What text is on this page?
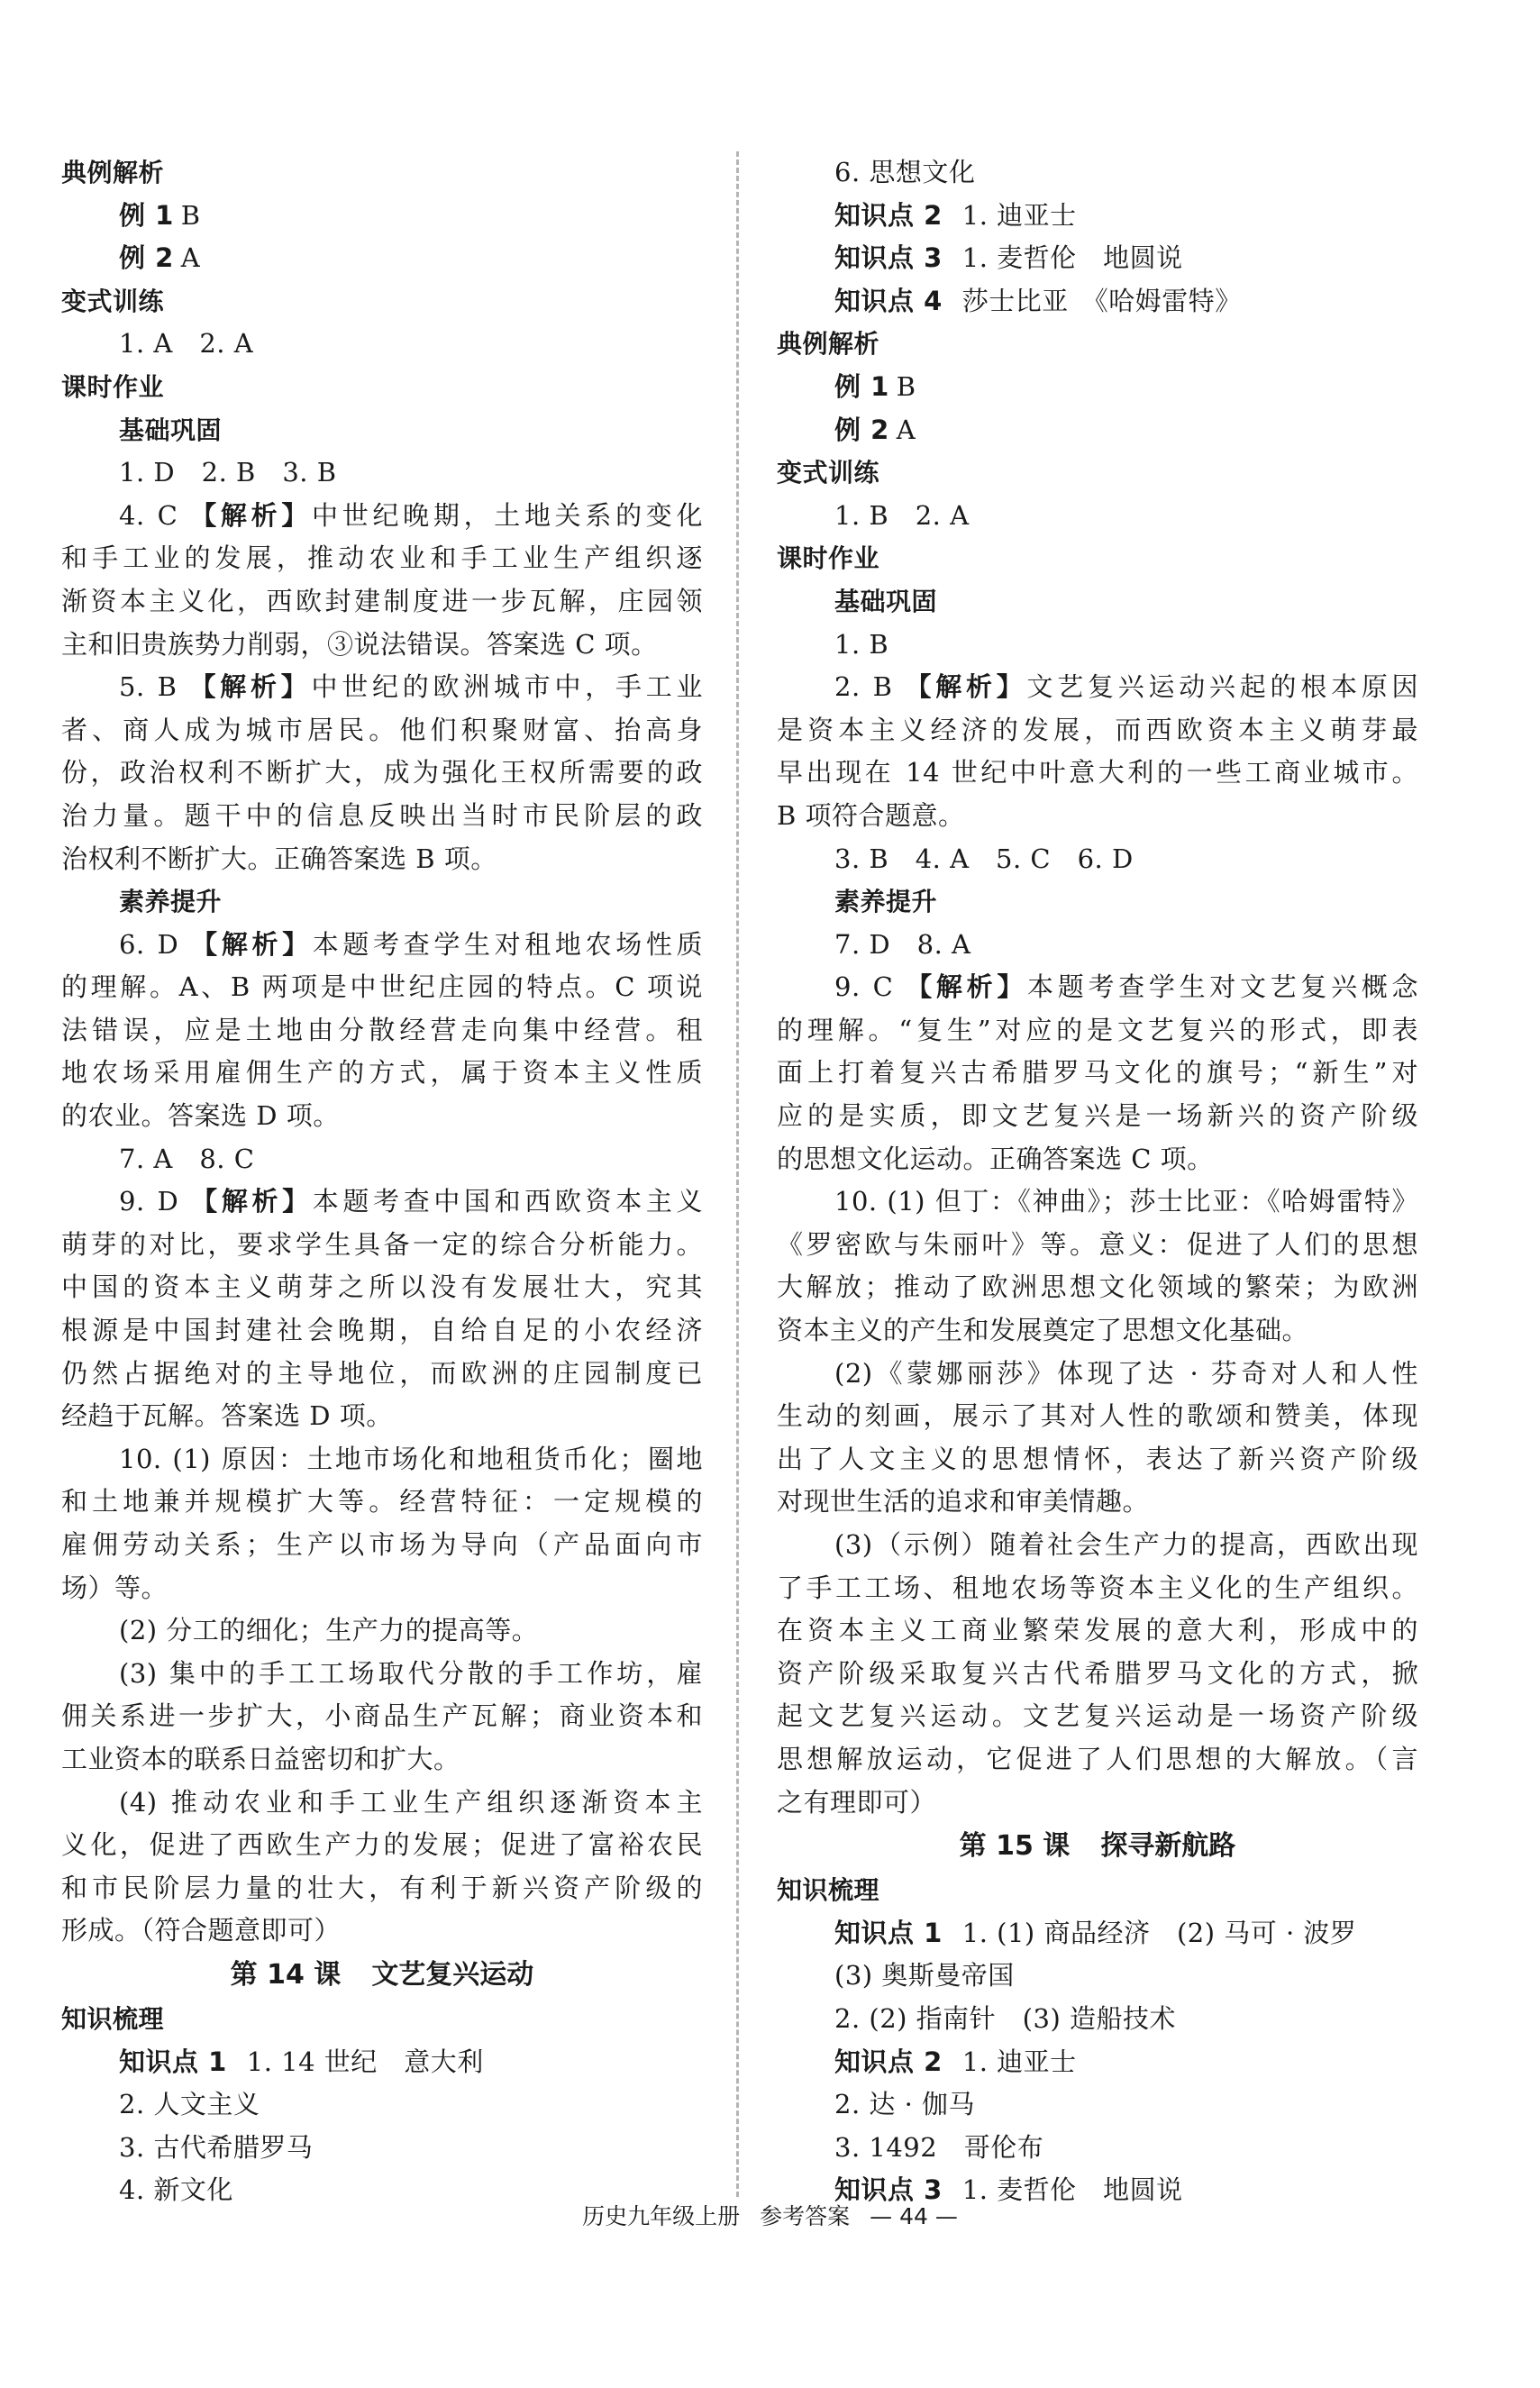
典例解析
例 1 B
例 2 A
变式训练
1. A　2. A
课时作业
基础巩固
1. D　2. B　3. B
4. C 【解析】中世纪晚期，土地关系的变化
和手工业的发展，推动农业和手工业生产组织逐
渐资本主义化，西欧封建制度进一步瓦解，庄园领
主和旧贵族势力削弱，③说法错误。答案选 C 项。
5. B 【解析】中世纪的欧洲城市中，手工业
者、商人成为城市居民。他们积聚财富、抬高身
份，政治权利不断扩大，成为强化王权所需要的政
治力量。题干中的信息反映出当时市民阶层的政
治权利不断扩大。正确答案选 B 项。
素养提升
6. D 【解析】本题考查学生对租地农场性质
的理解。A、B 两项是中世纪庄园的特点。C 项说
法错误，应是土地由分散经营走向集中经营。租
地农场采用雇佣生产的方式，属于资本主义性质
的农业。答案选 D 项。
7. A　8. C
9. D 【解析】本题考查中国和西欧资本主义
萌芽的对比，要求学生具备一定的综合分析能力。
中国的资本主义萌芽之所以没有发展壮大，究其
根源是中国封建社会晚期，自给自足的小农经济
仍然占据绝对的主导地位，而欧洲的庄园制度已
经趋于瓦解。答案选 D 项。
10. (1) 原因：土地市场化和地租货币化；圈地
和土地兼并规模扩大等。经营特征：一定规模的
雇佣劳动关系；生产以市场为导向（产品面向市
场）等。
(2) 分工的细化；生产力的提高等。
(3) 集中的手工工场取代分散的手工作坊，雇
佣关系进一步扩大，小商品生产瓦解；商业资本和
工业资本的联系日益密切和扩大。
(4) 推动农业和手工业生产组织逐渐资本主
义化，促进了西欧生产力的发展；促进了富裕农民
和市民阶层力量的壮大，有利于新兴资产阶级的
形成。（符合题意即可）
第 14 课 文艺复兴运动
知识梳理
知识点 1 1. 14 世纪　意大利
2. 人文主义
3. 古代希腊罗马
4. 新文化
6. 思想文化
知识点 2 1. 迪亚士
知识点 3 1. 麦哲伦　地圆说
知识点 4 莎士比亚　《哈姆雷特》
典例解析
例 1 B
例 2 A
变式训练
1. B　2. A
课时作业
基础巩固
1. B
2. B 【解析】文艺复兴运动兴起的根本原因
是资本主义经济的发展，而西欧资本主义萌芽最
早出现在 14 世纪中叶意大利的一些工商业城市。
B 项符合题意。
3. B　4. A　5. C　6. D
素养提升
7. D　8. A
9. C 【解析】本题考查学生对文艺复兴概念
的理解。“复生”对应的是文艺复兴的形式，即表
面上打着复兴古希腊罗马文化的旗号；“新生”对
应的是实质，即文艺复兴是一场新兴的资产阶级
的思想文化运动。正确答案选 C 项。
10. (1) 但丁：《神曲》；莎士比亚：《哈姆雷特》
《罗密欧与朱丽叶》等。意义：促进了人们的思想
大解放；推动了欧洲思想文化领域的繁荣；为欧洲
资本主义的产生和发展奠定了思想文化基础。
(2)《蒙娜丽莎》体现了达 · 芬奇对人和人性
生动的刻画，展示了其对人性的歌颂和赞美，体现
出了人文主义的思想情怀，表达了新兴资产阶级
对现世生活的追求和审美情趣。
(3)（示例）随着社会生产力的提高，西欧出现
了手工工场、租地农场等资本主义化的生产组织。
在资本主义工商业繁荣发展的意大利，形成中的
资产阶级采取复兴古代希腊罗马文化的方式，掀
起文艺复兴运动。文艺复兴运动是一场资产阶级
思想解放运动，它促进了人们思想的大解放。（言
之有理即可）
第 15 课 探寻新航路
知识梳理
知识点 1 1. (1) 商品经济　(2) 马可 · 波罗
(3) 奥斯曼帝国
2. (2) 指南针　(3) 造船技术
知识点 2 1. 迪亚士
2. 达 · 伽马
3. 1492　哥伦布
知识点 3 1. 麦哲伦　地圆说
历史九年级上册 参考答案 — 44 —
